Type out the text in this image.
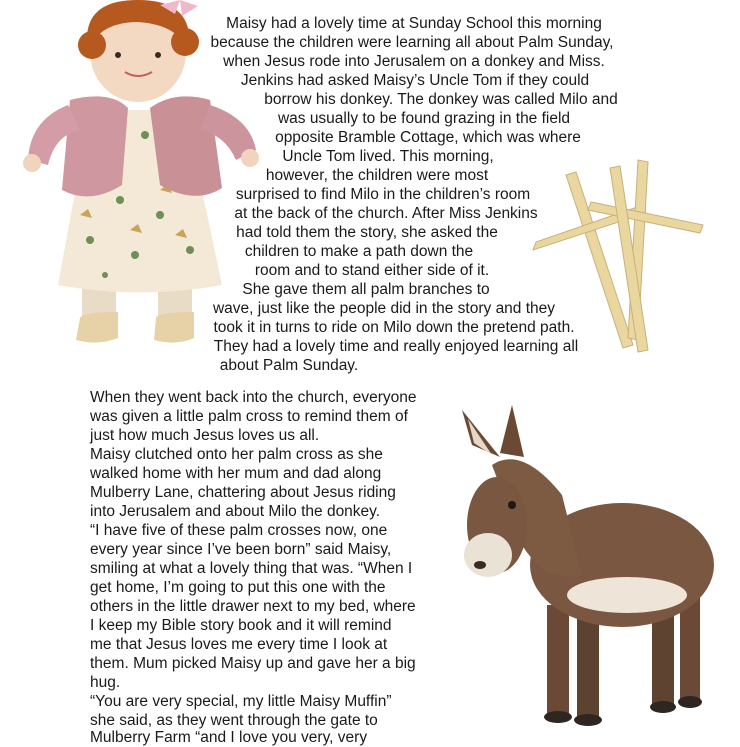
Maisy had a lovely time at Sunday School this morning
because the children were learning all about Palm Sunday,
when Jesus rode into Jerusalem on a donkey and Miss.
Jenkins had asked Maisy’s Uncle Tom if they could
borrow his donkey. The donkey was called Milo and
was usually to be found grazing in the field
opposite Bramble Cottage, which was where
Uncle Tom lived. This morning,
however, the children were most
surprised to find Milo in the children’s room
at the back of the church. After Miss Jenkins
had told them the story, she asked the
children to make a path down the
room and to stand either side of it.
She gave them all palm branches to
wave, just like the people did in the story and they
took it in turns to ride on Milo down the pretend path.
They had a lovely time and really enjoyed learning all
about Palm Sunday.
When they went back into the church, everyone
was given a little palm cross to remind them of
just how much Jesus loves us all.
Maisy clutched onto her palm cross as she
walked home with her mum and dad along
Mulberry Lane, chattering about Jesus riding
into Jerusalem and about Milo the donkey.
“I have five of these palm crosses now, one
every year since I’ve been born” said Maisy,
smiling at what a lovely thing that was. “When I
get home, I’m going to put this one with the
others in the little drawer next to my bed, where
I keep my Bible story book and it will remind
me that Jesus loves me every time I look at
them. Mum picked Maisy up and gave her a big
hug.
“You are very special, my little Maisy Muffin”
she said, as they went through the gate to
Mulberry Farm “and I love you very, very
